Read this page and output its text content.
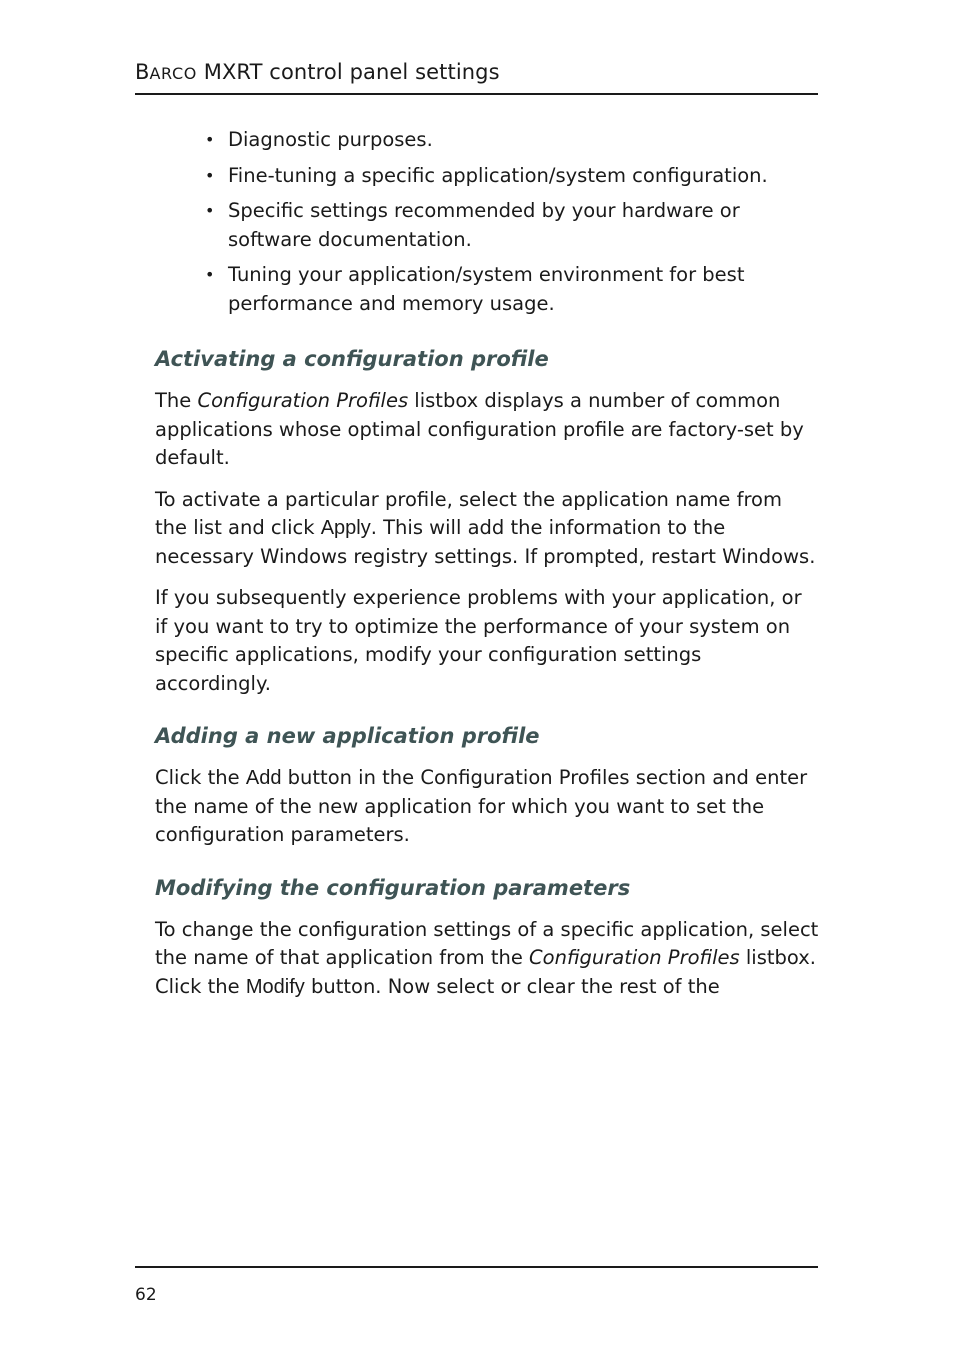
BARCO MXRT control panel settings
• Diagnostic purposes.
• Fine-tuning a specific application/system configuration.
• Specific settings recommended by your hardware or software documentation.
• Tuning your application/system environment for best performance and memory usage.
Activating a configuration profile

The Configuration Profiles listbox displays a number of common applications whose optimal configuration profile are factory-set by default.

To activate a particular profile, select the application name from the list and click Apply. This will add the information to the necessary Windows registry settings. If prompted, restart Windows.

If you subsequently experience problems with your application, or if you want to try to optimize the performance of your system on specific applications, modify your configuration settings accordingly.

Adding a new application profile

Click the Add button in the Configuration Profiles section and enter the name of the new application for which you want to set the configuration parameters.

Modifying the configuration parameters

To change the configuration settings of a specific application, select the name of that application from the Configuration Profiles listbox. Click the Modify button. Now select or clear the rest of the

62
